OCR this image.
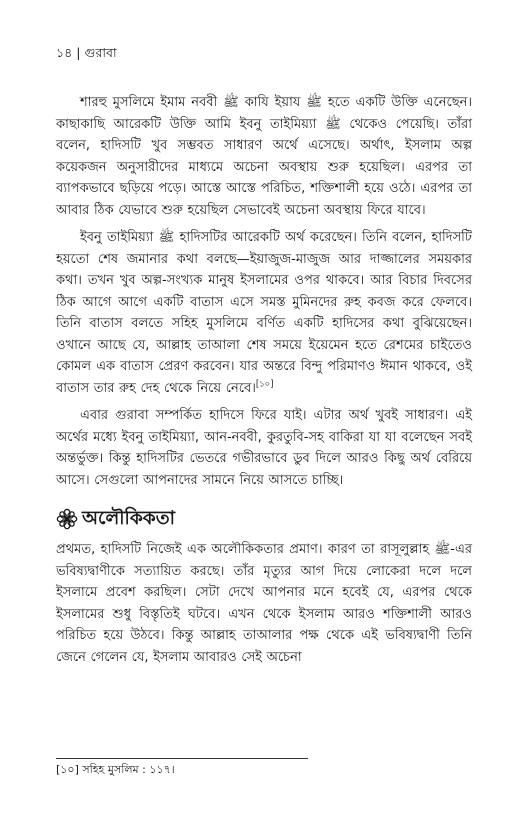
১৪ | গুরাবা

শারহু মুসলিমে ইমাম নববী ﷺ কাযি ইয়ায ﷺ হতে একটি উক্তি এনেছেন। কাছাকাছি আরেকটি উক্তি আমি ইবনু তাইমিয়্যা ﷺ থেকেও পেয়েছি। তাঁরা বলেন, হাদিসটি খুব সম্ভবত সাধারণ অর্থে এসেছে। অর্থাৎ, ইসলাম অল্প কয়েকজন অনুসারীদের মাধ্যমে অচেনা অবস্থায় শুরু হয়েছিল। এরপর তা ব্যাপকভাবে ছড়িয়ে পড়ে। আস্তে আস্তে পরিচিত, শক্তিশালী হয়ে ওঠে। এরপর তা আবার ঠিক যেভাবে শুরু হয়েছিল সেভাবেই অচেনা অবস্থায় ফিরে যাবে।

ইবনু তাইমিয়্যা ﷺ হাদিসটির আরেকটি অর্থ করেছেন। তিনি বলেন, হাদিসটি হয়তো শেষ জমানার কথা বলছে—ইয়াজুজ-মাজুজ আর দাজ্জালের সময়কার কথা। তখন খুব অল্প-সংখ্যক মানুষ ইসলামের ওপর থাকবে। আর বিচার দিবসের ঠিক আগে আগে একটি বাতাস এসে সমস্ত মুমিনদের রুহ কবজ করে ফেলবে। তিনি বাতাস বলতে সহিহ মুসলিমে বর্ণিত একটি হাদিসের কথা বুঝিয়েছেন। ওখানে আছে যে, আল্লাহ তাআলা শেষ সময়ে ইয়েমেন হতে রেশমের চাইতেও কোমল এক বাতাস প্রেরণ করবেন। যার অন্তরে বিন্দু পরিমাণও ঈমান থাকবে, ওই বাতাস তার রুহ দেহ থেকে নিয়ে নেবে।[১০]

এবার গুরাবা সম্পর্কিত হাদিসে ফিরে যাই। এটার অর্থ খুবই সাধারণ। এই অর্থের মধ্যে ইবনু তাইমিয়্যা, আন-নববী, কুরতুবি-সহ বাকিরা যা যা বলেছেন সবই অন্তর্ভুক্ত। কিন্তু হাদিসটির ভেতরে গভীরভাবে ডুব দিলে আরও কিছু অর্থ বেরিয়ে আসে। সেগুলো আপনাদের সামনে নিয়ে আসতে চাচ্ছি।

অলৌকিকতা

প্রথমত, হাদিসটি নিজেই এক অলৌকিকতার প্রমাণ। কারণ তা রাসূলুল্লাহ ﷺ-এর ভবিষ্যদ্বাণীকে সত্যায়িত করছে। তাঁর মৃত্যুর আগ দিয়ে লোকেরা দলে দলে ইসলামে প্রবেশ করছিল। সেটা দেখে আপনার মনে হবেই যে, এরপর থেকে ইসলামের শুধু বিস্তৃতিই ঘটবে। এখন থেকে ইসলাম আরও শক্তিশালী আরও পরিচিত হয়ে উঠবে। কিন্তু আল্লাহ তাআলার পক্ষ থেকে এই ভবিষ্যদ্বাণী তিনি জেনে গেলেন যে, ইসলাম আবারও সেই অচেনা

[১০] সহিহ মুসলিম : ১১৭।
